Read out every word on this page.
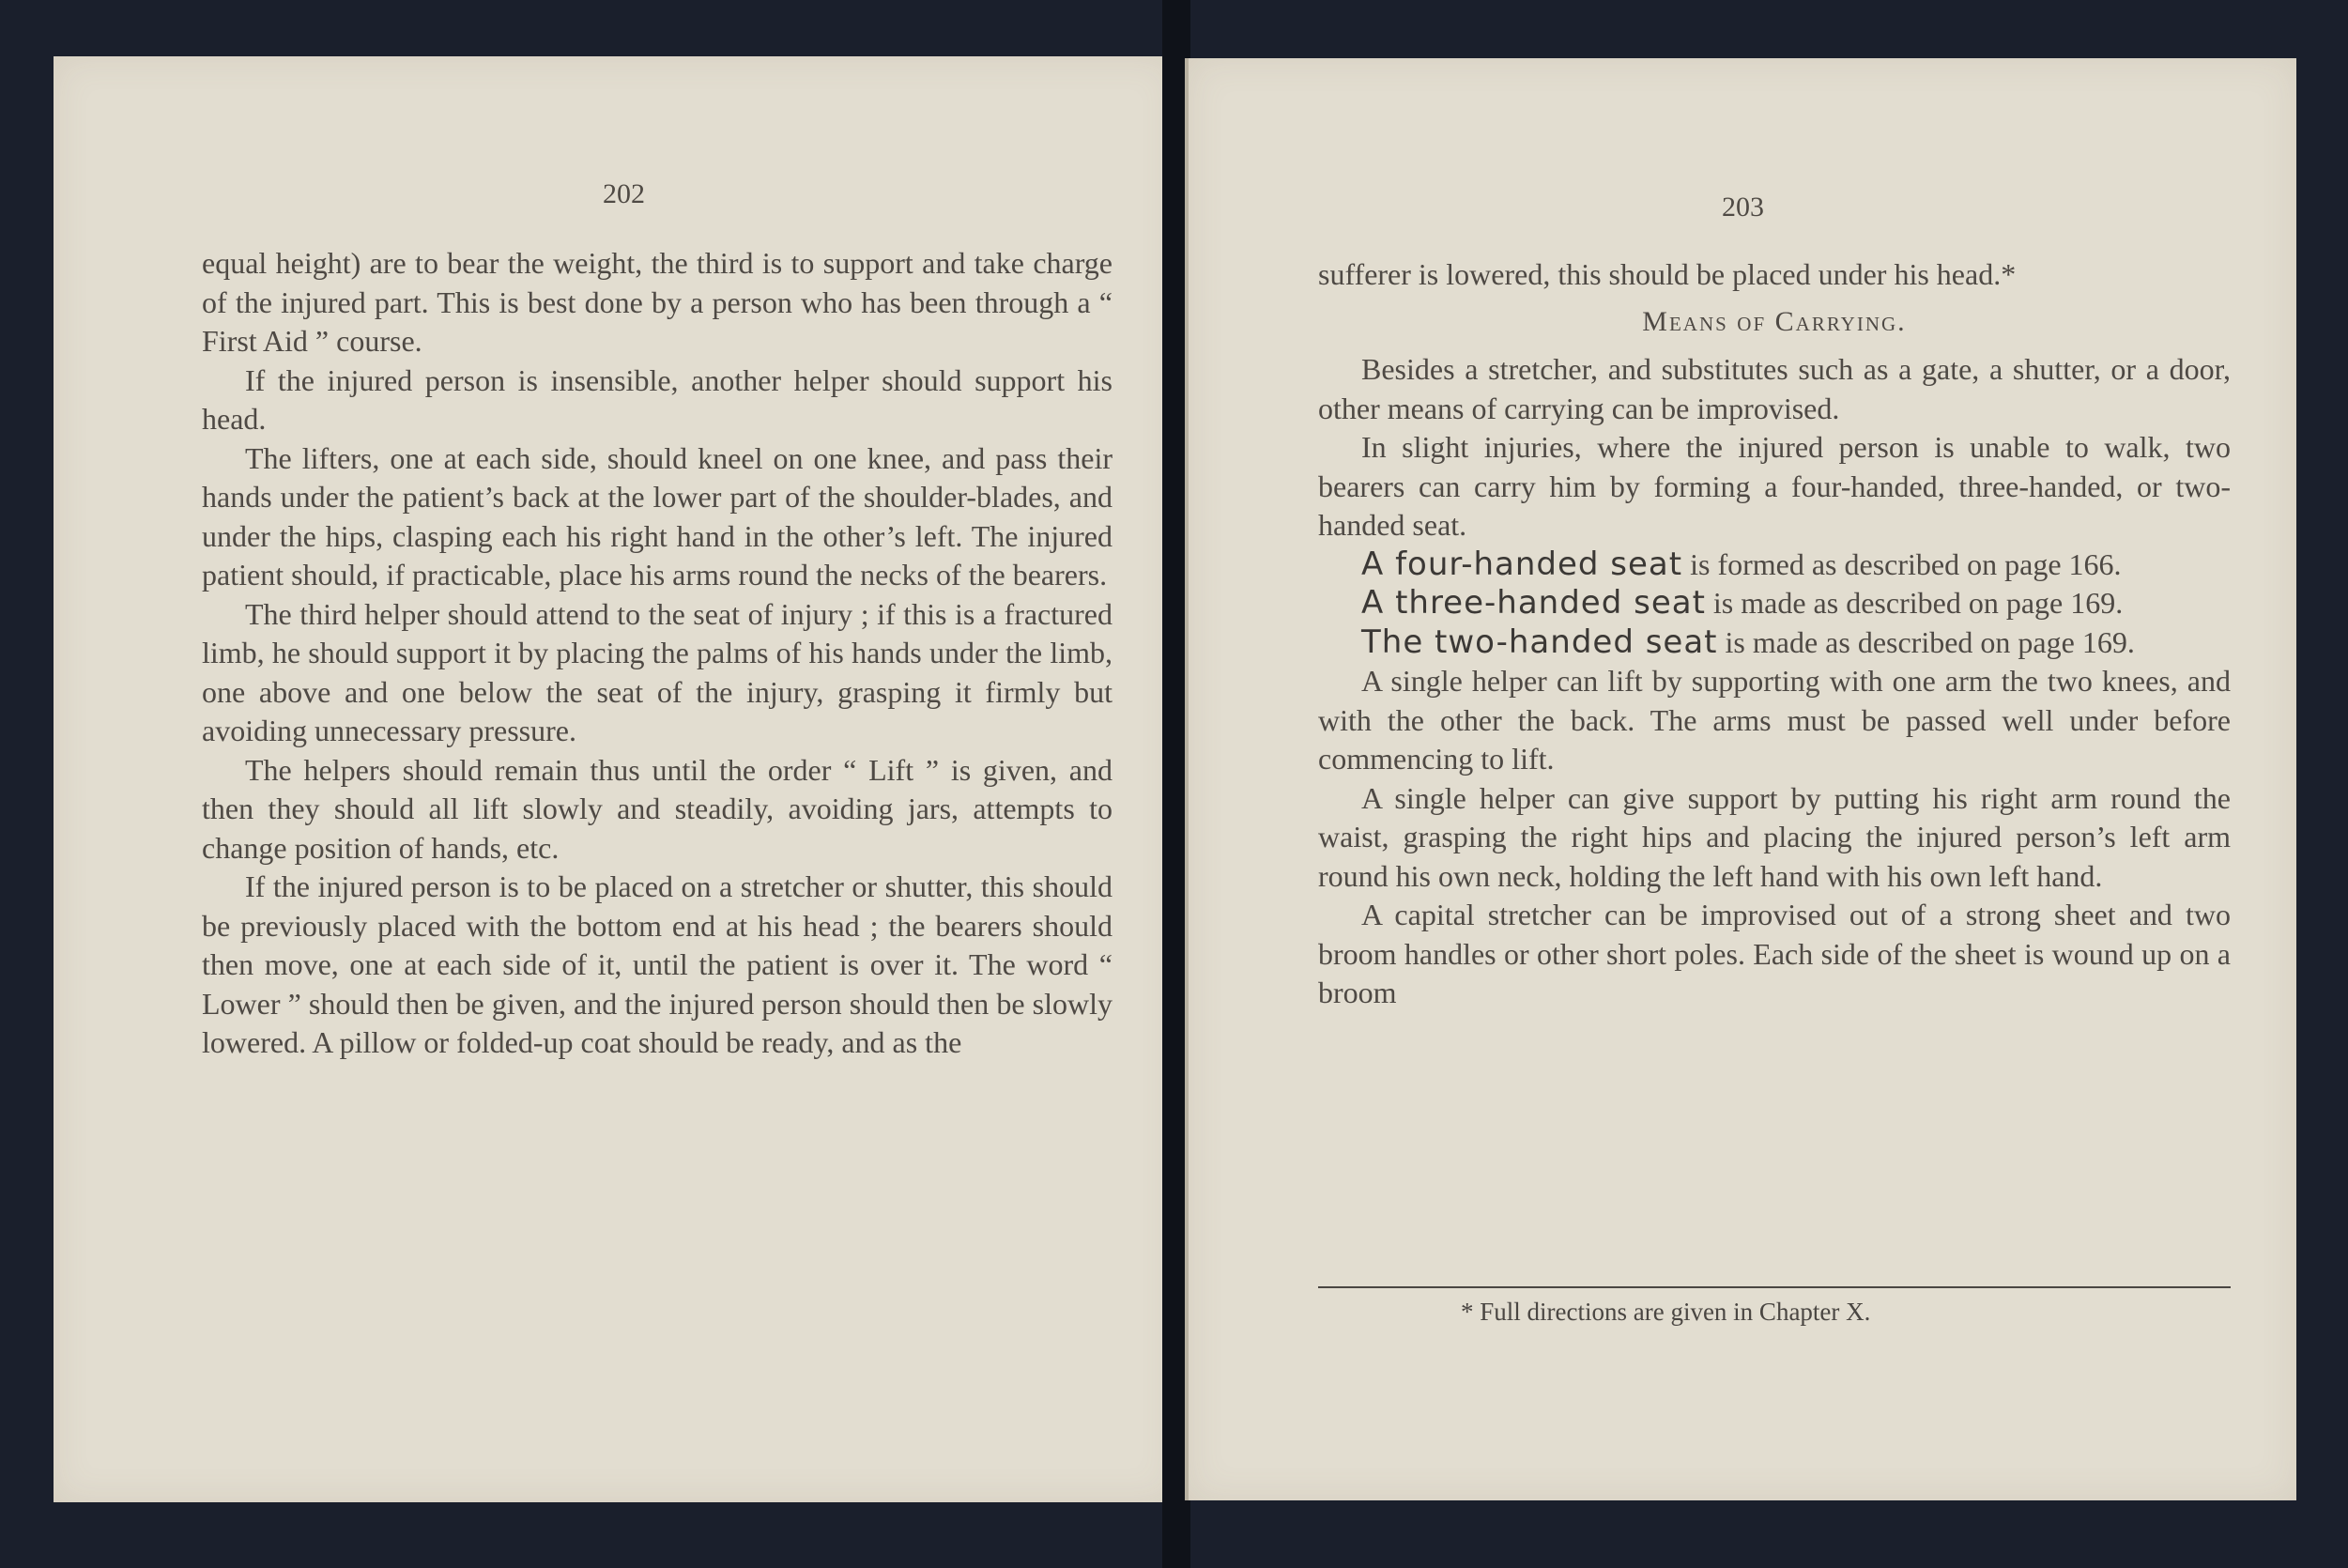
202

equal height) are to bear the weight, the third is to support and take charge of the injured part. This is best done by a person who has been through a “ First Aid ” course.

If the injured person is insensible, another helper should support his head.

The lifters, one at each side, should kneel on one knee, and pass their hands under the patient’s back at the lower part of the shoulder-blades, and under the hips, clasping each his right hand in the other’s left. The injured patient should, if practicable, place his arms round the necks of the bearers.

The third helper should attend to the seat of injury ; if this is a fractured limb, he should support it by placing the palms of his hands under the limb, one above and one below the seat of the injury, grasping it firmly but avoiding unnecessary pressure.

The helpers should remain thus until the order “ Lift ” is given, and then they should all lift slowly and steadily, avoiding jars, attempts to change position of hands, etc.

If the injured person is to be placed on a stretcher or shutter, this should be previously placed with the bottom end at his head ; the bearers should then move, one at each side of it, until the patient is over it. The word “ Lower ” should then be given, and the injured person should then be slowly lowered. A pillow or folded-up coat should be ready, and as the

203

sufferer is lowered, this should be placed under his head.*

Means of Carrying.

Besides a stretcher, and substitutes such as a gate, a shutter, or a door, other means of carrying can be improvised.

In slight injuries, where the injured person is unable to walk, two bearers can carry him by forming a four-handed, three-handed, or two-handed seat.

A four-handed seat is formed as described on page 166.

A three-handed seat is made as described on page 169.

The two-handed seat is made as described on page 169.

A single helper can lift by supporting with one arm the two knees, and with the other the back. The arms must be passed well under before commencing to lift.

A single helper can give support by putting his right arm round the waist, grasping the right hips and placing the injured person’s left arm round his own neck, holding the left hand with his own left hand.

A capital stretcher can be improvised out of a strong sheet and two broom handles or other short poles. Each side of the sheet is wound up on a broom

* Full directions are given in Chapter X.
